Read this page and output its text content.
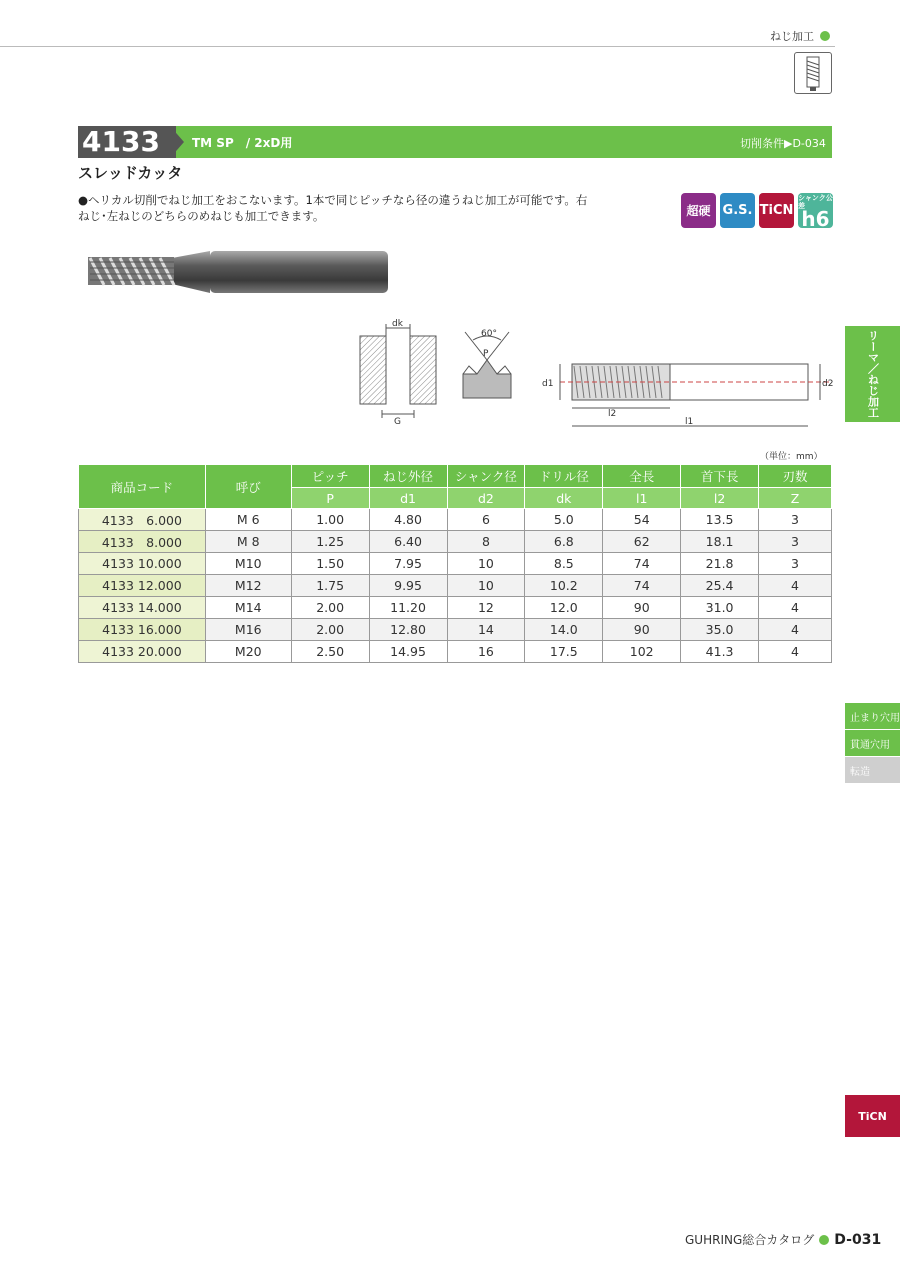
ねじ加工
4133	TM SP　/ 2xD用	切削条件▶D-034
スレッドカッタ
●ヘリカル切削でねじ加工をおこないます。1本で同じピッチなら径の違うねじ加工が可能です。右ねじ･左ねじのどちらのめねじも加工できます。	超硬 G.S. TiCN
シャンク公差
h6
dk
G
60°
P
d1	d2
l2
l1
リーマ／ねじ加工
止まり穴用
貫通穴用
転造
TiCN
（単位：mm）
商品コード	呼び	ピッチ	ねじ外径	シャンク径	ドリル径	全長	首下長	刃数
		P	d1	d2	dk	l1	l2	Z
4133　6.000	M 6	1.00	4.80	6	5.0	54	13.5	3
4133　8.000	M 8	1.25	6.40	8	6.8	62	18.1	3
4133 10.000	M10	1.50	7.95	10	8.5	74	21.8	3
4133 12.000	M12	1.75	9.95	10	10.2	74	25.4	4
4133 14.000	M14	2.00	11.20	12	12.0	90	31.0	4
4133 16.000	M16	2.00	12.80	14	14.0	90	35.0	4
4133 20.000	M20	2.50	14.95	16	17.5	102	41.3	4
GUHRING総合カタログ D-031
